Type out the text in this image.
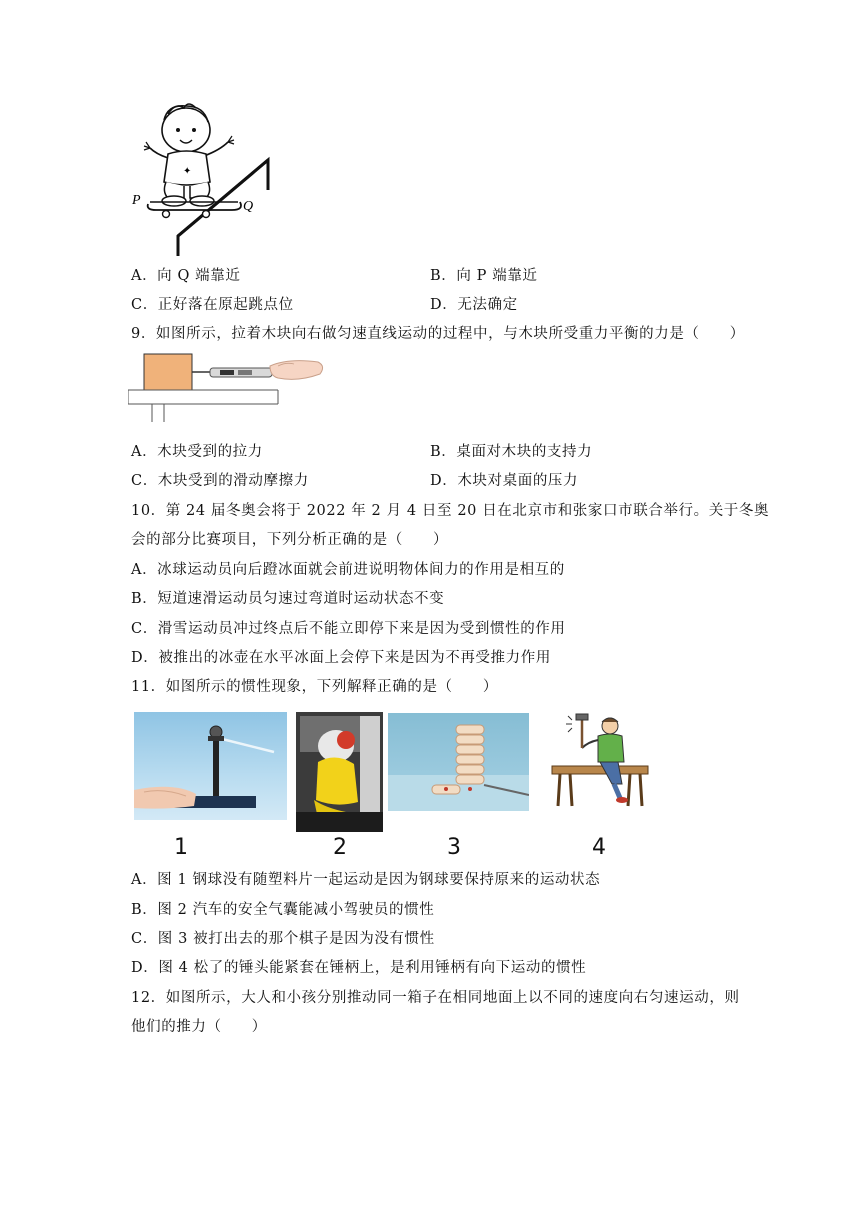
✦
P	Q
A．向 Q 端靠近	B．向 P 端靠近
C．正好落在原起跳点位	D．无法确定
9．如图所示，拉着木块向右做匀速直线运动的过程中，与木块所受重力平衡的力是（　　）
A．木块受到的拉力	B．桌面对木块的支持力
C．木块受到的滑动摩擦力	D．木块对桌面的压力
10．第 24 届冬奥会将于 2022 年 2 月 4 日至 20 日在北京市和张家口市联合举行。关于冬奥
会的部分比赛项目，下列分析正确的是（　　）
A．冰球运动员向后蹬冰面就会前进说明物体间力的作用是相互的
B．短道速滑运动员匀速过弯道时运动状态不变
C．滑雪运动员冲过终点后不能立即停下来是因为受到惯性的作用
D．被推出的冰壶在水平冰面上会停下来是因为不再受推力作用
11．如图所示的惯性现象，下列解释正确的是（　　）
1	2	3	4
A．图 1 钢球没有随塑料片一起运动是因为钢球要保持原来的运动状态
B．图 2 汽车的安全气囊能减小驾驶员的惯性
C．图 3 被打出去的那个棋子是因为没有惯性
D．图 4 松了的锤头能紧套在锤柄上，是利用锤柄有向下运动的惯性
12．如图所示，大人和小孩分别推动同一箱子在相同地面上以不同的速度向右匀速运动，则
他们的推力（　　）
